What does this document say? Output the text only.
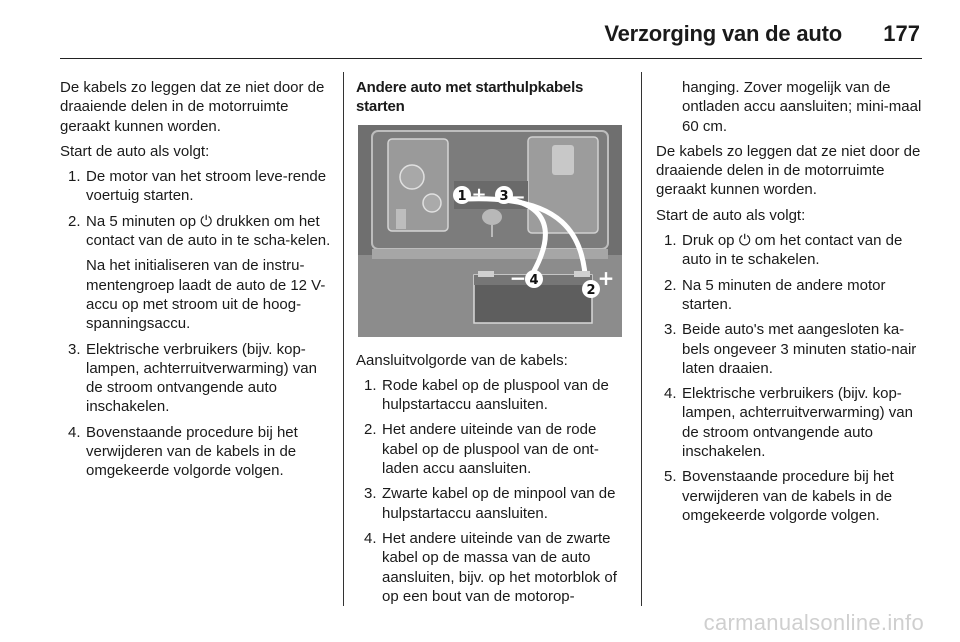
Verzorging van de auto 177

De kabels zo leggen dat ze niet door de draaiende delen in de motorruimte geraakt kunnen worden.

Start de auto als volgt:

1. De motor van het stroom leve-rende voertuig starten.
2. Na 5 minuten op ⏻ drukken om het contact van de auto in te scha-kelen.

Na het initialiseren van de instru-mentengroep laadt de auto de 12 V-accu op met stroom uit de hoog-spanningsaccu.

3. Elektrische verbruikers (bijv. kop-lampen, achterruitverwarming) van de stroom ontvangende auto inschakelen.
4. Bovenstaande procedure bij het verwijderen van de kabels in de omgekeerde volgorde volgen.
Andere auto met starthulpkabels starten
1 + 3 −
2
+
4
−

Aansluitvolgorde van de kabels:

1. Rode kabel op de pluspool van de hulpstartaccu aansluiten.
2. Het andere uiteinde van de rode kabel op de pluspool van de ont-laden accu aansluiten.
3. Zwarte kabel op de minpool van de hulpstartaccu aansluiten.
4. Het andere uiteinde van de zwarte kabel op de massa van de auto aansluiten, bijv. op het motorblok of op een bout van de motorop-
hanging. Zover mogelijk van de ontladen accu aansluiten; mini-maal 60 cm.

De kabels zo leggen dat ze niet door de draaiende delen in de motorruimte geraakt kunnen worden.

Start de auto als volgt:

1. Druk op ⏻ om het contact van de auto in te schakelen.
2. Na 5 minuten de andere motor starten.
3. Beide auto's met aangesloten ka-bels ongeveer 3 minuten statio-nair laten draaien.
4. Elektrische verbruikers (bijv. kop-lampen, achterruitverwarming) van de stroom ontvangende auto inschakelen.
5. Bovenstaande procedure bij het verwijderen van de kabels in de omgekeerde volgorde volgen.
carmanualsonline.info
